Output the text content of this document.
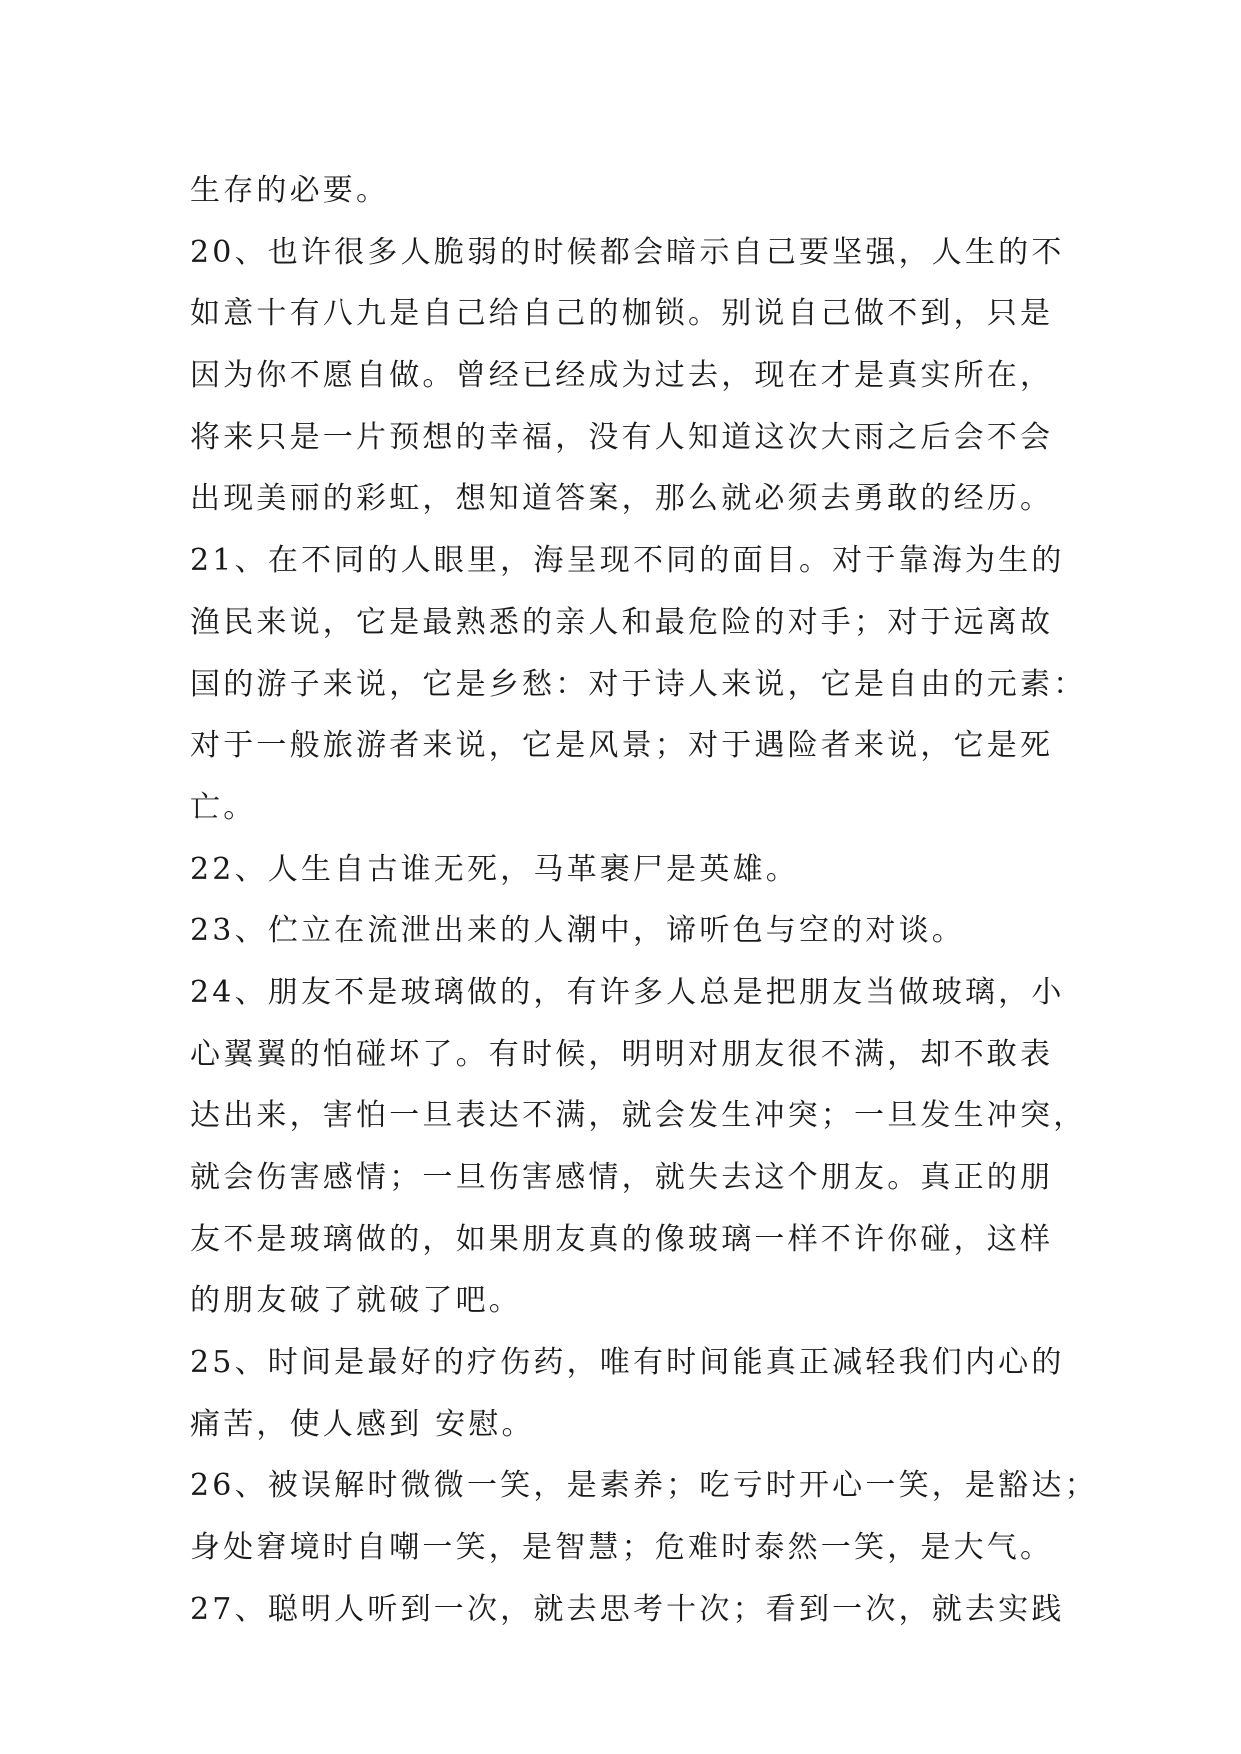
生存的必要。
20、也许很多人脆弱的时候都会暗示自己要坚强，人生的不
如意十有八九是自己给自己的枷锁。别说自己做不到，只是
因为你不愿自做。曾经已经成为过去，现在才是真实所在，
将来只是一片预想的幸福，没有人知道这次大雨之后会不会
出现美丽的彩虹，想知道答案，那么就必须去勇敢的经历。
21、在不同的人眼里，海呈现不同的面目。对于靠海为生的
渔民来说，它是最熟悉的亲人和最危险的对手；对于远离故
国的游子来说，它是乡愁：对于诗人来说，它是自由的元素：
对于一般旅游者来说，它是风景；对于遇险者来说，它是死
亡。
22、人生自古谁无死，马革裹尸是英雄。
23、伫立在流泄出来的人潮中，谛听色与空的对谈。
24、朋友不是玻璃做的，有许多人总是把朋友当做玻璃，小
心翼翼的怕碰坏了。有时候，明明对朋友很不满，却不敢表
达出来，害怕一旦表达不满，就会发生冲突；一旦发生冲突，
就会伤害感情；一旦伤害感情，就失去这个朋友。真正的朋
友不是玻璃做的，如果朋友真的像玻璃一样不许你碰，这样
的朋友破了就破了吧。
25、时间是最好的疗伤药，唯有时间能真正减轻我们内心的
痛苦，使人感到 安慰。
26、被误解时微微一笑，是素养；吃亏时开心一笑，是豁达；
身处窘境时自嘲一笑，是智慧；危难时泰然一笑，是大气。
27、聪明人听到一次，就去思考十次；看到一次，就去实践
